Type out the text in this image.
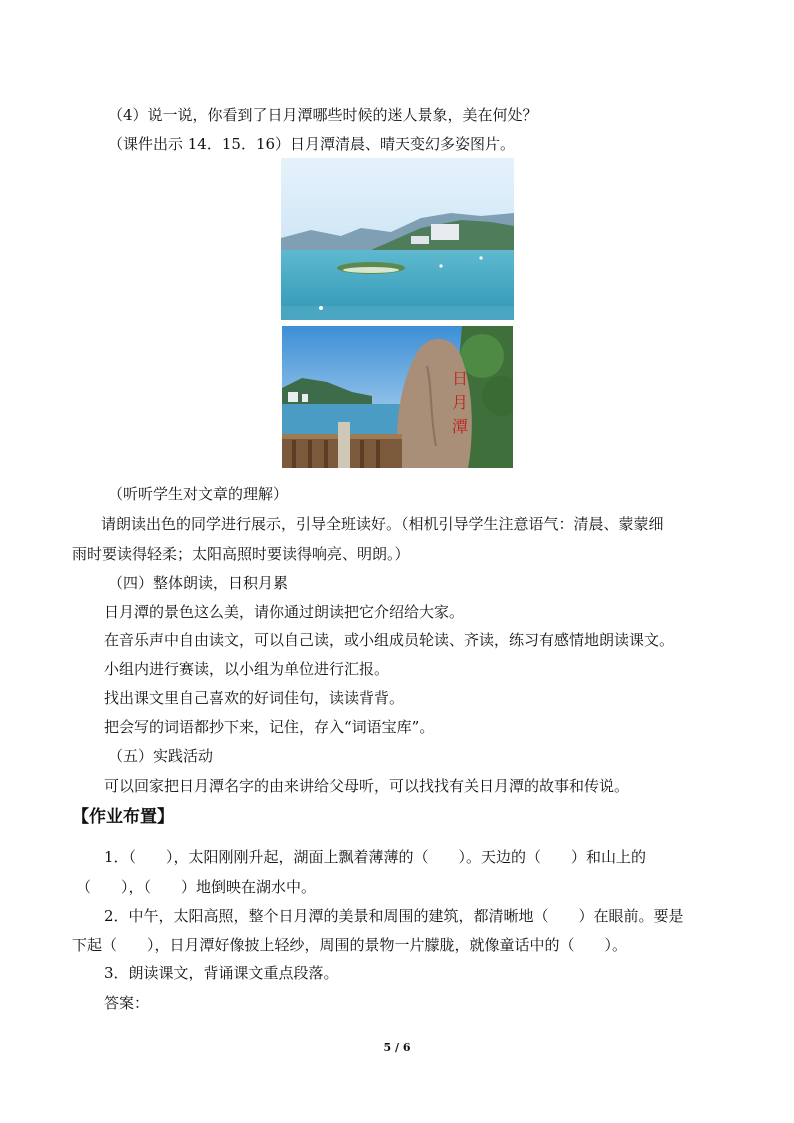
（4）说一说，你看到了日月潭哪些时候的迷人景象，美在何处？
（课件出示 14．15．16）日月潭清晨、晴天变幻多姿图片。
日
月
潭
（听听学生对文章的理解）
请朗读出色的同学进行展示，引导全班读好。（相机引导学生注意语气：清晨、蒙蒙细
雨时要读得轻柔；太阳高照时要读得响亮、明朗。）
（四）整体朗读，日积月累
日月潭的景色这么美，请你通过朗读把它介绍给大家。
在音乐声中自由读文，可以自己读，或小组成员轮读、齐读，练习有感情地朗读课文。
小组内进行赛读，以小组为单位进行汇报。
找出课文里自己喜欢的好词佳句，读读背背。
把会写的词语都抄下来，记住，存入“词语宝库”。
（五）实践活动
可以回家把日月潭名字的由来讲给父母听，可以找找有关日月潭的故事和传说。
【作业布置】
1．（　　），太阳刚刚升起，湖面上飘着薄薄的（　　）。天边的（　　）和山上的
（　　），（　　）地倒映在湖水中。
2．中午，太阳高照，整个日月潭的美景和周围的建筑，都清晰地（　　）在眼前。要是
下起（　　），日月潭好像披上轻纱，周围的景物一片朦胧，就像童话中的（　　）。
3．朗读课文，背诵课文重点段落。
答案：
5 / 6
